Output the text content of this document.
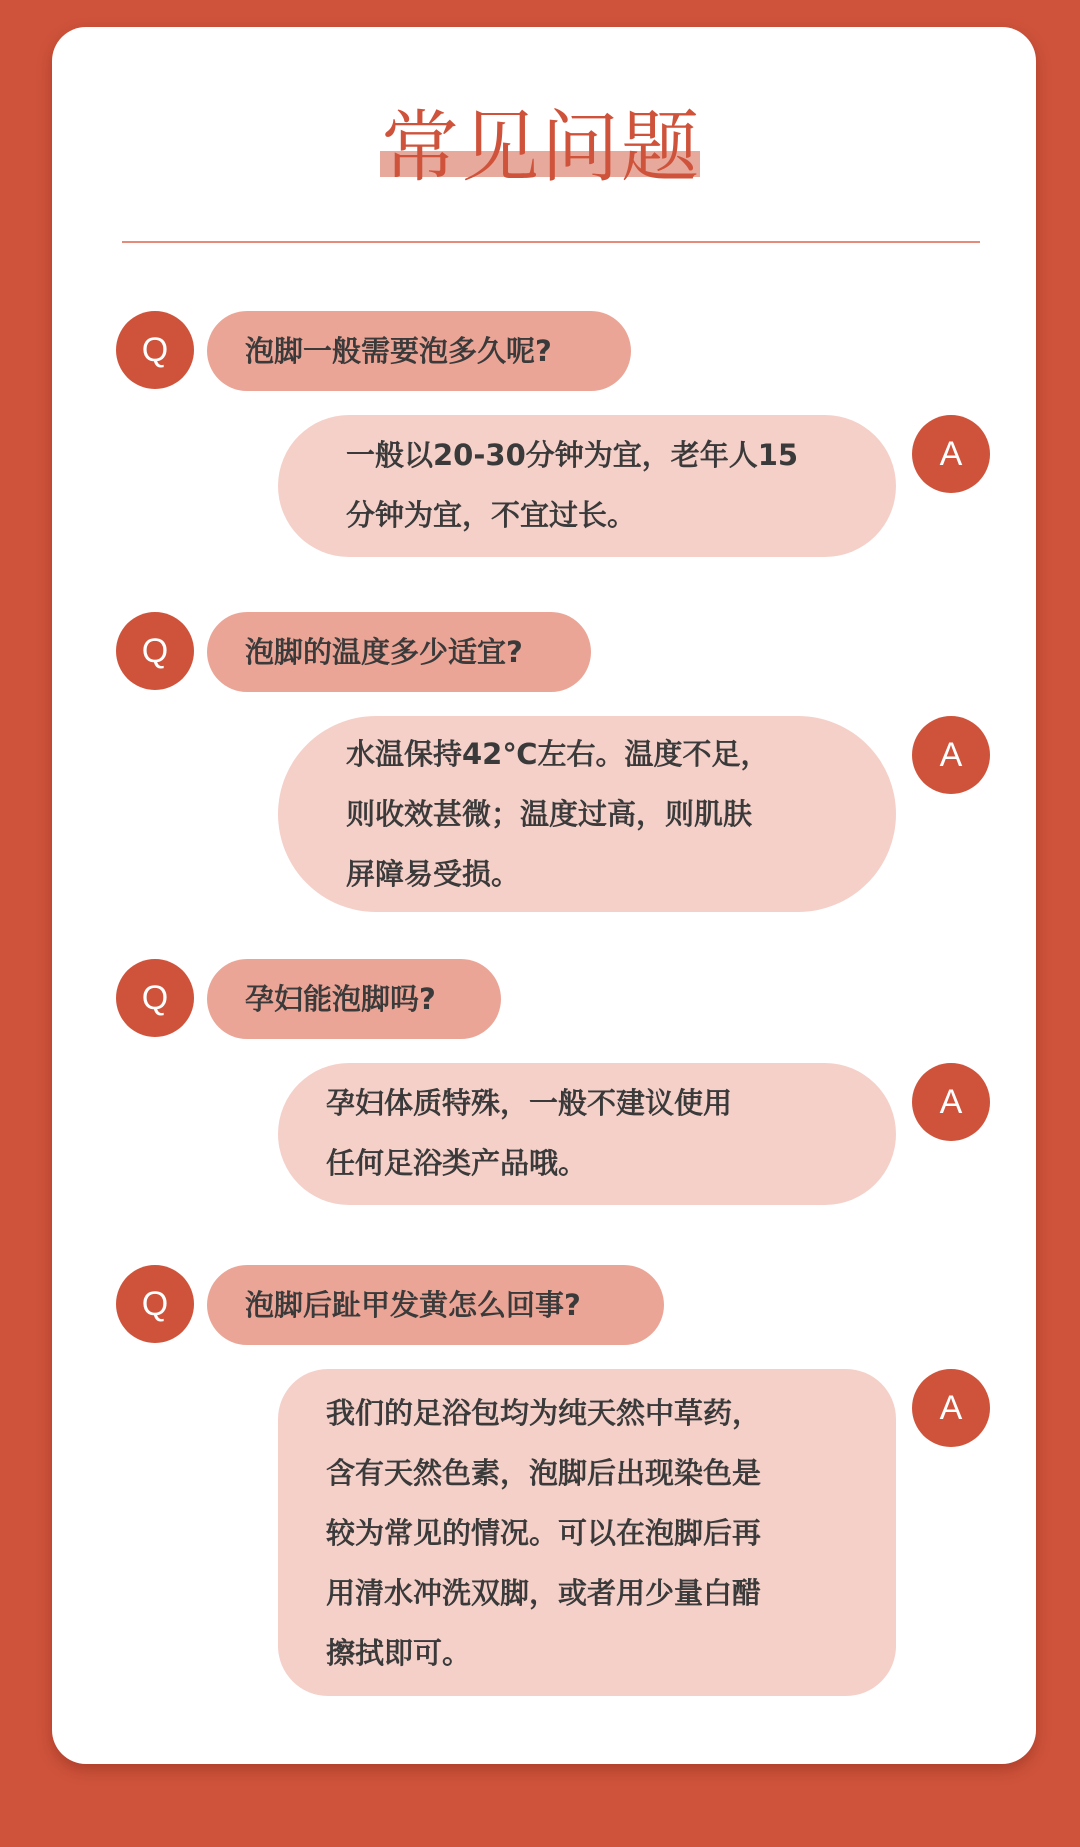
常见问题
Q	泡脚一般需要泡多久呢?
一般以20-30分钟为宜，老年人15
分钟为宜，不宜过长。
A
Q	泡脚的温度多少适宜?
水温保持42℃左右。温度不足，
则收效甚微；温度过高，则肌肤
屏障易受损。
A
Q	孕妇能泡脚吗?
孕妇体质特殊，一般不建议使用
任何足浴类产品哦。
A
Q	泡脚后趾甲发黄怎么回事?
我们的足浴包均为纯天然中草药，
含有天然色素，泡脚后出现染色是
较为常见的情况。可以在泡脚后再
用清水冲洗双脚，或者用少量白醋
擦拭即可。
A
